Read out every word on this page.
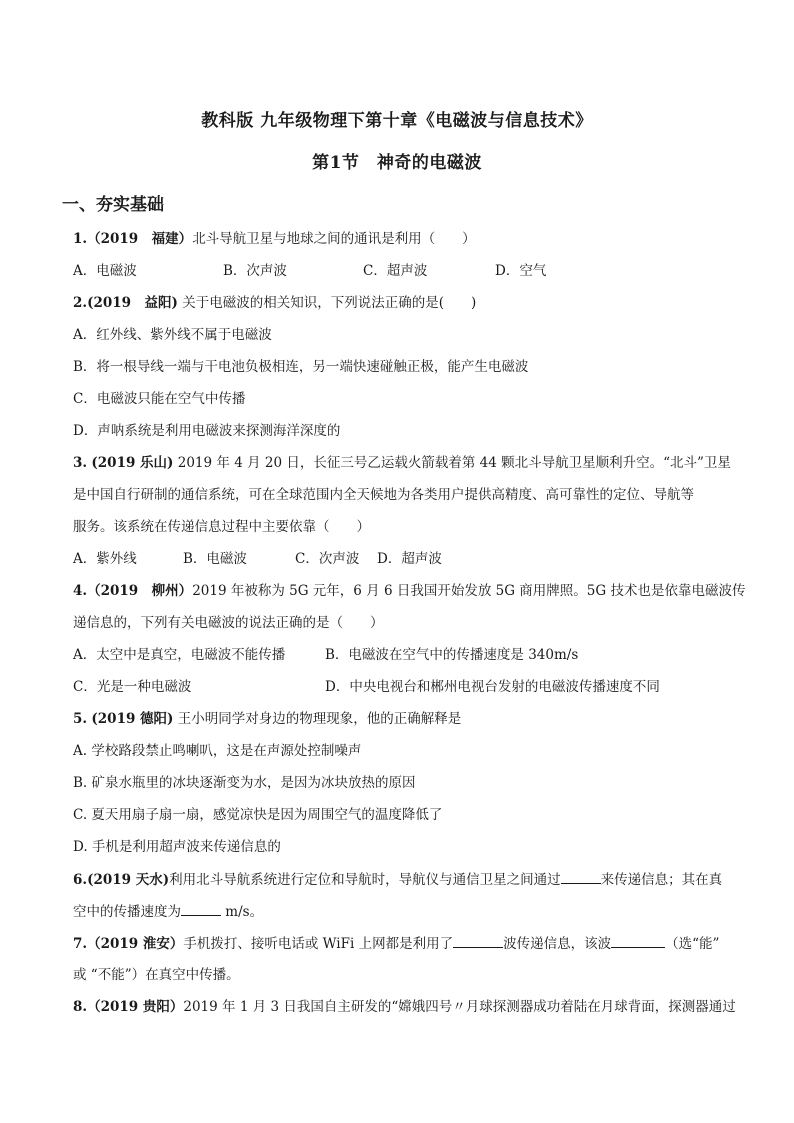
教科版 九年级物理下第十章《电磁波与信息技术》
第1节　神奇的电磁波
一、夯实基础
1.（2019　福建）北斗导航卫星与地球之间的通讯是利用（　　）
A．电磁波	B．次声波	C．超声波	D．空气
2.(2019　益阳) 关于电磁波的相关知识，下列说法正确的是(　　)
A．红外线、紫外线不属于电磁波
B．将一根导线一端与干电池负极相连，另一端快速碰触正极，能产生电磁波
C．电磁波只能在空气中传播
D．声呐系统是利用电磁波来探测海洋深度的
3. (2019 乐山) 2019 年 4 月 20 日，长征三号乙运载火箭载着第 44 颗北斗导航卫星顺利升空。“北斗”卫星
是中国自行研制的通信系统，可在全球范围内全天候地为各类用户提供高精度、高可靠性的定位、导航等
服务。该系统在传递信息过程中主要依靠（　　）
A．紫外线	B．电磁波	C．次声波 D．超声波
4.（2019　柳州）2019 年被称为 5G 元年，6 月 6 日我国开始发放 5G 商用牌照。5G 技术也是依靠电磁波传
递信息的，下列有关电磁波的说法正确的是（　　）
A．太空中是真空，电磁波不能传播	B．电磁波在空气中的传播速度是 340m/s
C．光是一种电磁波	D．中央电视台和郴州电视台发射的电磁波传播速度不同
5. (2019 德阳) 王小明同学对身边的物理现象，他的正确解释是
A. 学校路段禁止鸣喇叭，这是在声源处控制噪声
B. 矿泉水瓶里的冰块逐渐变为水，是因为冰块放热的原因
C. 夏天用扇子扇一扇，感觉凉快是因为周围空气的温度降低了
D. 手机是利用超声波来传递信息的
6.(2019 天水)利用北斗导航系统进行定位和导航时，导航仪与通信卫星之间通过	来传递信息；其在真
空中的传播速度为	m/s。
7.（2019 淮安）手机拨打、接听电话或 WiFi 上网都是利用了	波传递信息，该波	（选“能”
或 “不能”）在真空中传播。
8.（2019 贵阳）2019 年 1 月 3 日我国自主研发的“嫦娥四号〃月球探测器成功着陆在月球背面，探测器通过
